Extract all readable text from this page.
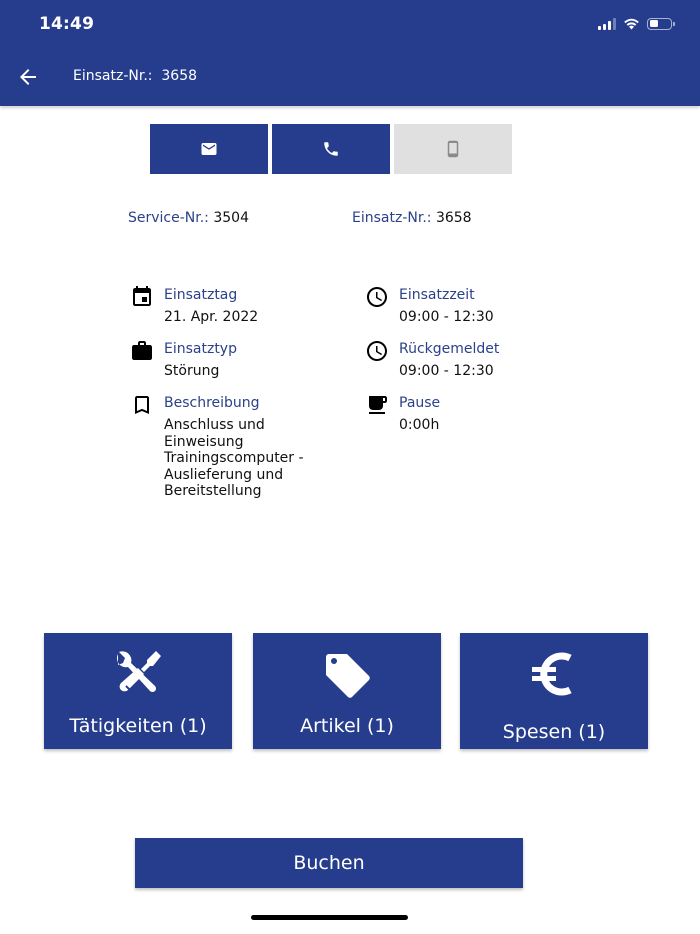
14:49
Einsatz-Nr.:  3658
Service-Nr.: 3504	Einsatz-Nr.: 3658
Einsatztag
21. Apr. 2022
Einsatztyp
Störung
Beschreibung
Anschluss und Einweisung Trainingscomputer - Auslieferung und Bereitstellung
Einsatzzeit
09:00 - 12:30
Rückgemeldet
09:00 - 12:30
Pause
0:00h
Tätigkeiten (1)	Artikel (1)	Spesen (1)
Buchen
